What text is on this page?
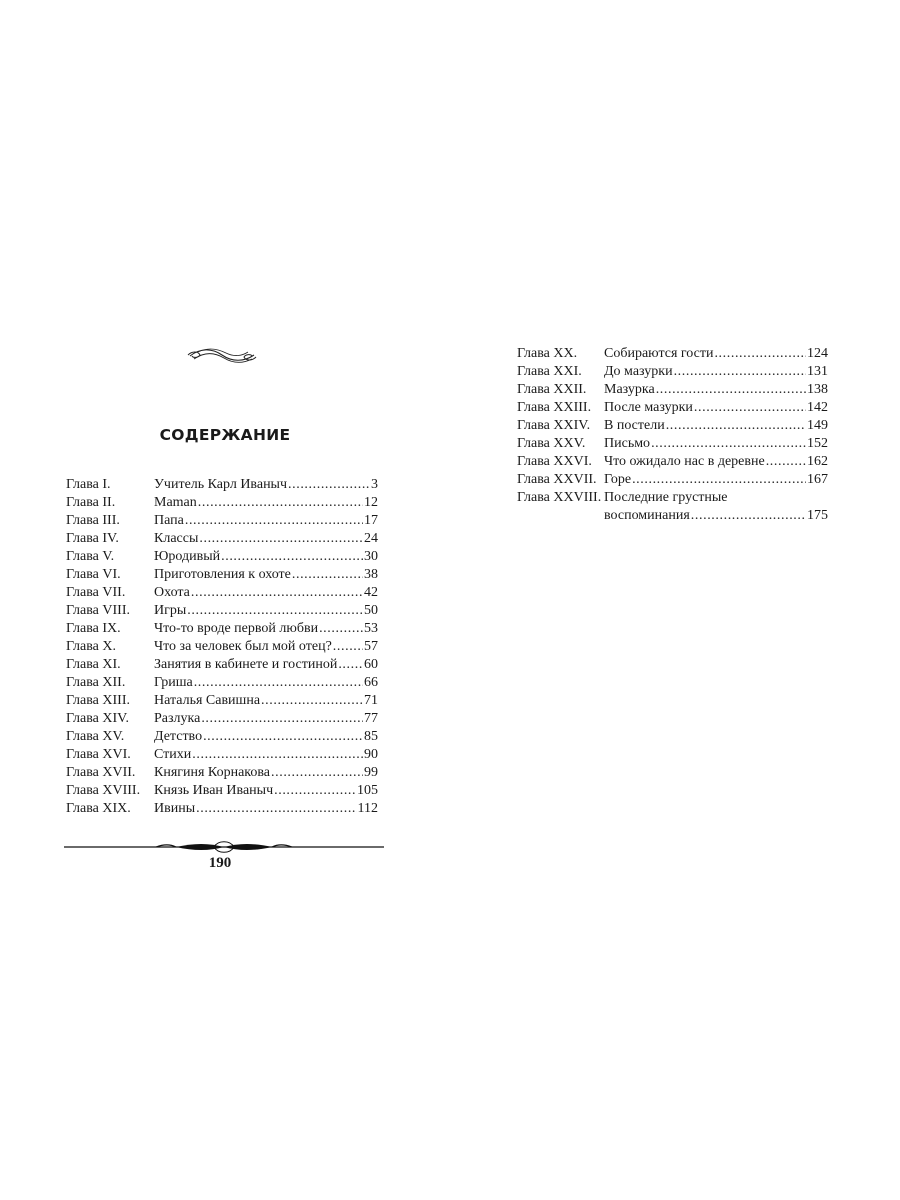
СОДЕРЖАНИЕ
Глава I.	Учитель Карл Иваныч .....	3
Глава II.	Maman .....	12
Глава III.	Папа .....	17
Глава IV.	Классы .....	24
Глава V.	Юродивый .....	30
Глава VI.	Приготовления к охоте .....	38
Глава VII.	Охота .....	42
Глава VIII.	Игры .....	50
Глава IX.	Что-то вроде первой любви .....	53
Глава X.	Что за человек был мой отец? ..... 57
Глава XI.	Занятия в кабинете и гостиной ..... 60
Глава XII.	Гриша .....	66
Глава XIII.	Наталья Савишна .....	71
Глава XIV.	Разлука .....	77
Глава XV.	Детство .....	85
Глава XVI.	Стихи .....	90
Глава XVII.	Княгиня Корнакова .....	99
Глава XVIII. Князь Иван Иваныч .....	105
Глава XIX.	Ивины .....	112
Глава XX.	Собираются гости .....	124
Глава XXI.	До мазурки .....	131
Глава XXII.	Мазурка .....	138
Глава XXIII. После мазурки .....	142
Глава XXIV. В постели .....	149
Глава XXV.	Письмо .....	152
Глава XXVI. Что ожидало нас в деревне .....	162
Глава XXVII. Горе .....	167
Глава XXVIII. Последние грустные
воспоминания .....	175
190
